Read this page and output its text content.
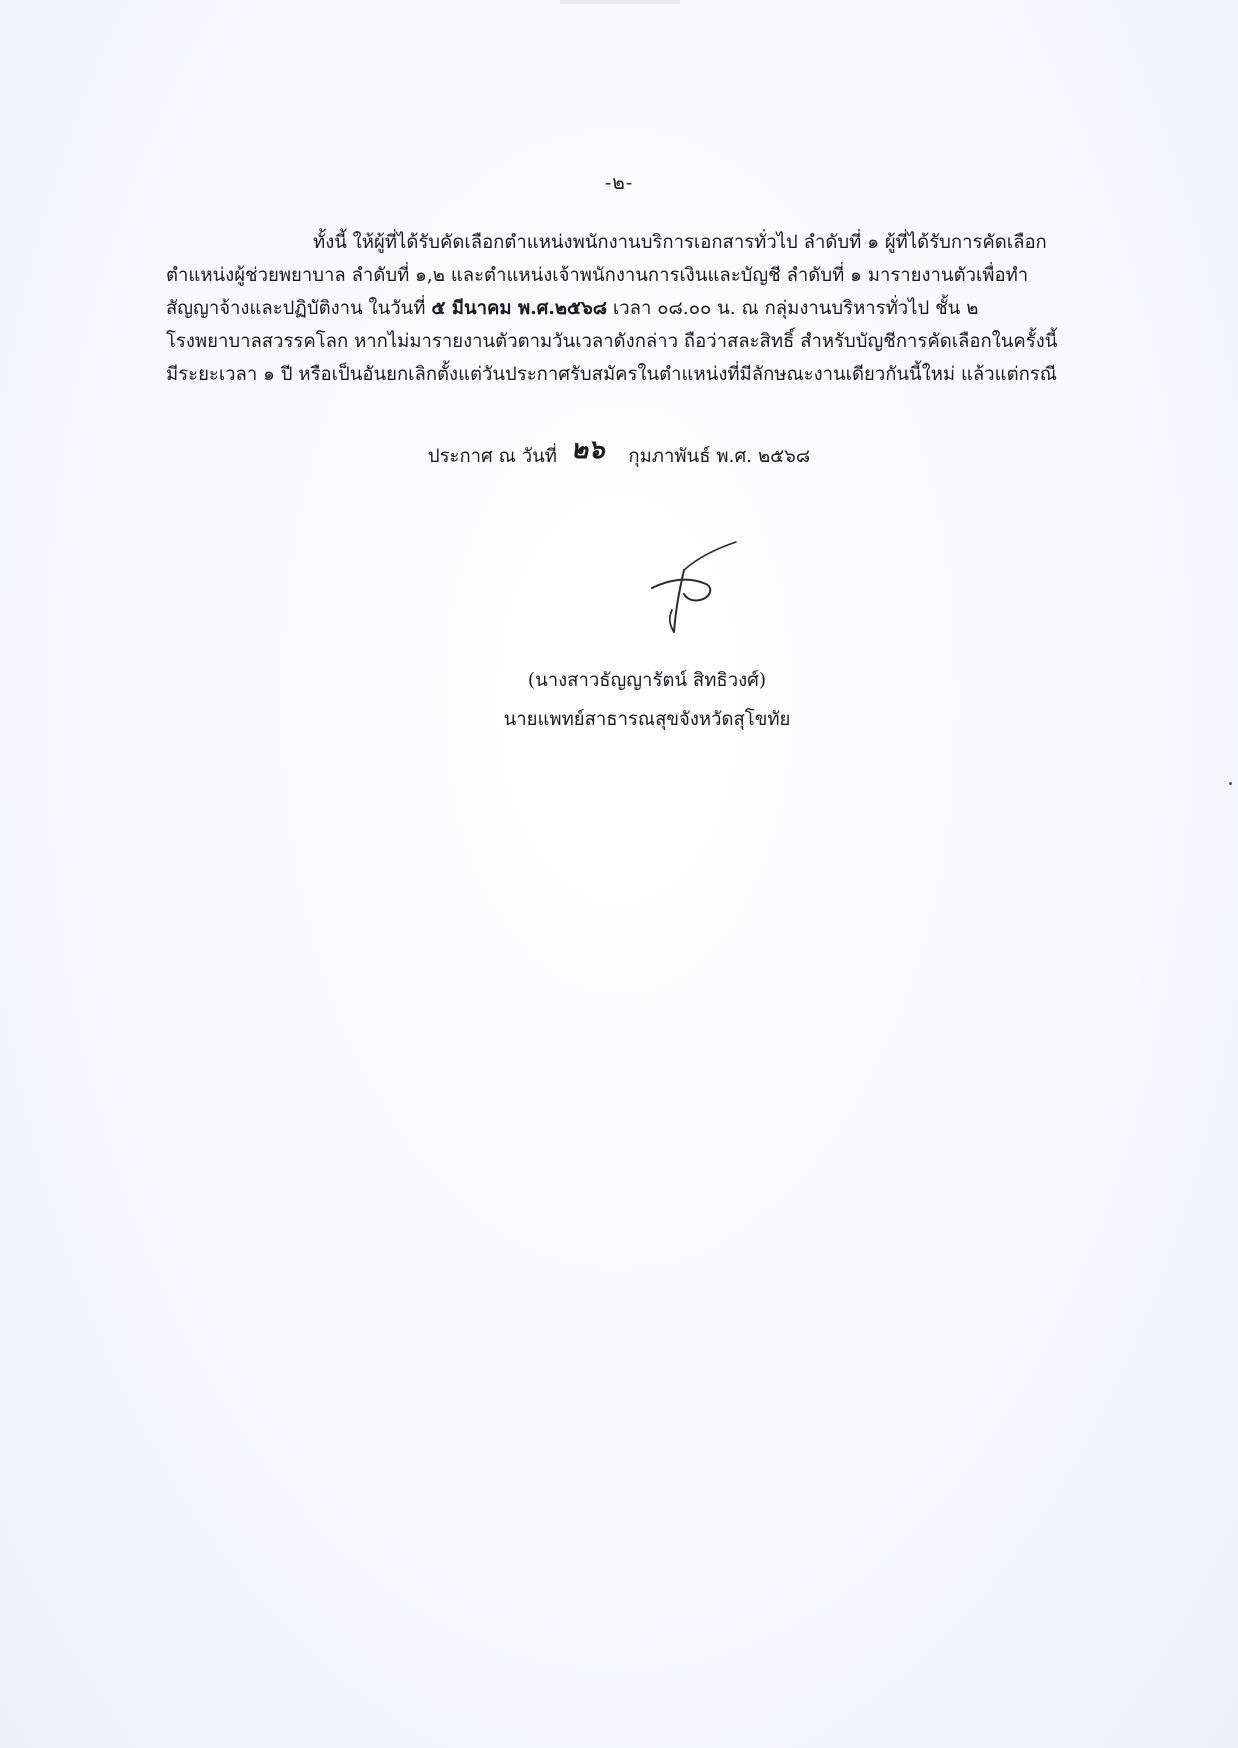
-๒-
ทั้งนี้ ให้ผู้ที่ได้รับคัดเลือกตำแหน่งพนักงานบริการเอกสารทั่วไป ลำดับที่ ๑ ผู้ที่ได้รับการคัดเลือก
ตำแหน่งผู้ช่วยพยาบาล ลำดับที่ ๑,๒ และตำแหน่งเจ้าพนักงานการเงินและบัญชี ลำดับที่ ๑ มารายงานตัวเพื่อทำ
สัญญาจ้างและปฏิบัติงาน ในวันที่ ๕ มีนาคม พ.ศ.๒๕๖๘ เวลา ๐๘.๐๐ น. ณ กลุ่มงานบริหารทั่วไป ชั้น ๒
โรงพยาบาลสวรรคโลก หากไม่มารายงานตัวตามวันเวลาดังกล่าว ถือว่าสละสิทธิ์ สำหรับบัญชีการคัดเลือกในครั้งนี้
มีระยะเวลา ๑ ปี หรือเป็นอันยกเลิกตั้งแต่วันประกาศรับสมัครในตำแหน่งที่มีลักษณะงานเดียวกันนี้ใหม่ แล้วแต่กรณี
ประกาศ ณ วันที่ ๒๖ กุมภาพันธ์ พ.ศ. ๒๕๖๘
(นางสาวธัญญารัตน์ สิทธิวงศ์)
นายแพทย์สาธารณสุขจังหวัดสุโขทัย
